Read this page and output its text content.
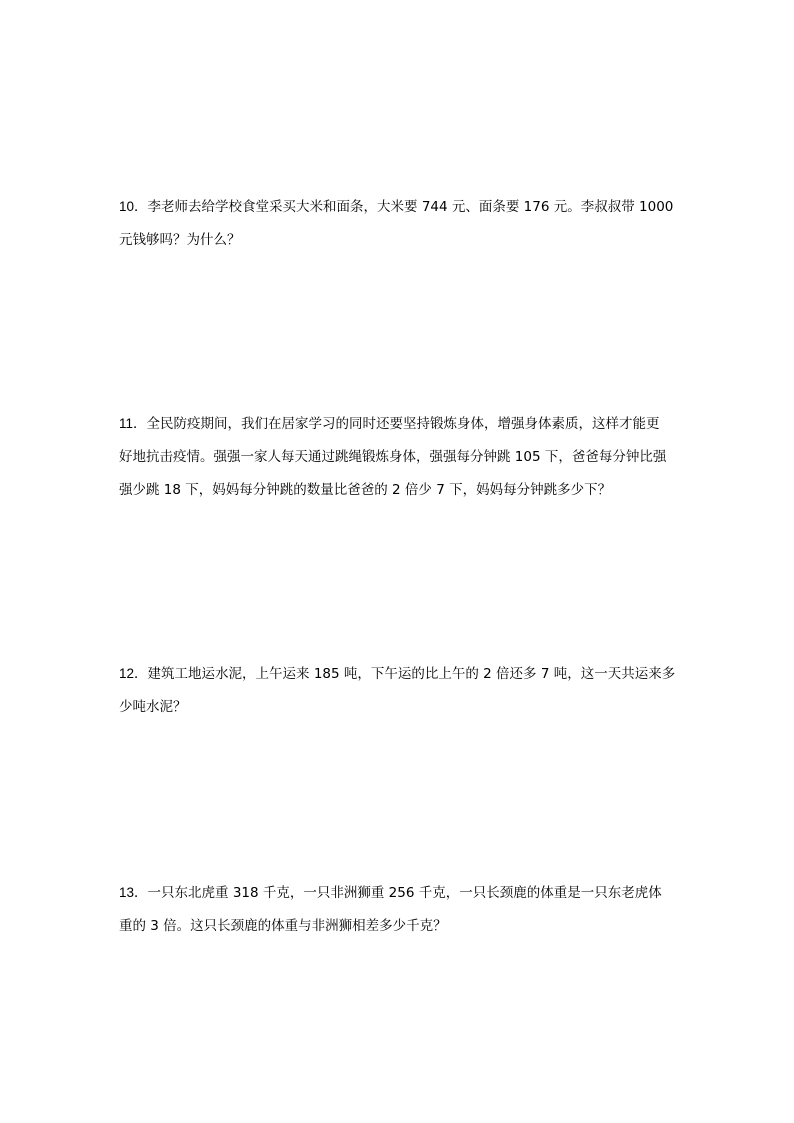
10．李老师去给学校食堂采买大米和面条，大米要 744 元、面条要 176 元。李叔叔带 1000
元钱够吗？为什么？
11．全民防疫期间，我们在居家学习的同时还要坚持锻炼身体，增强身体素质，这样才能更
好地抗击疫情。强强一家人每天通过跳绳锻炼身体，强强每分钟跳 105 下，爸爸每分钟比强
强少跳 18 下，妈妈每分钟跳的数量比爸爸的 2 倍少 7 下，妈妈每分钟跳多少下？
12．建筑工地运水泥，上午运来 185 吨，下午运的比上午的 2 倍还多 7 吨，这一天共运来多
少吨水泥？
13．一只东北虎重 318 千克，一只非洲狮重 256 千克，一只长颈鹿的体重是一只东老虎体
重的 3 倍。这只长颈鹿的体重与非洲狮相差多少千克？
